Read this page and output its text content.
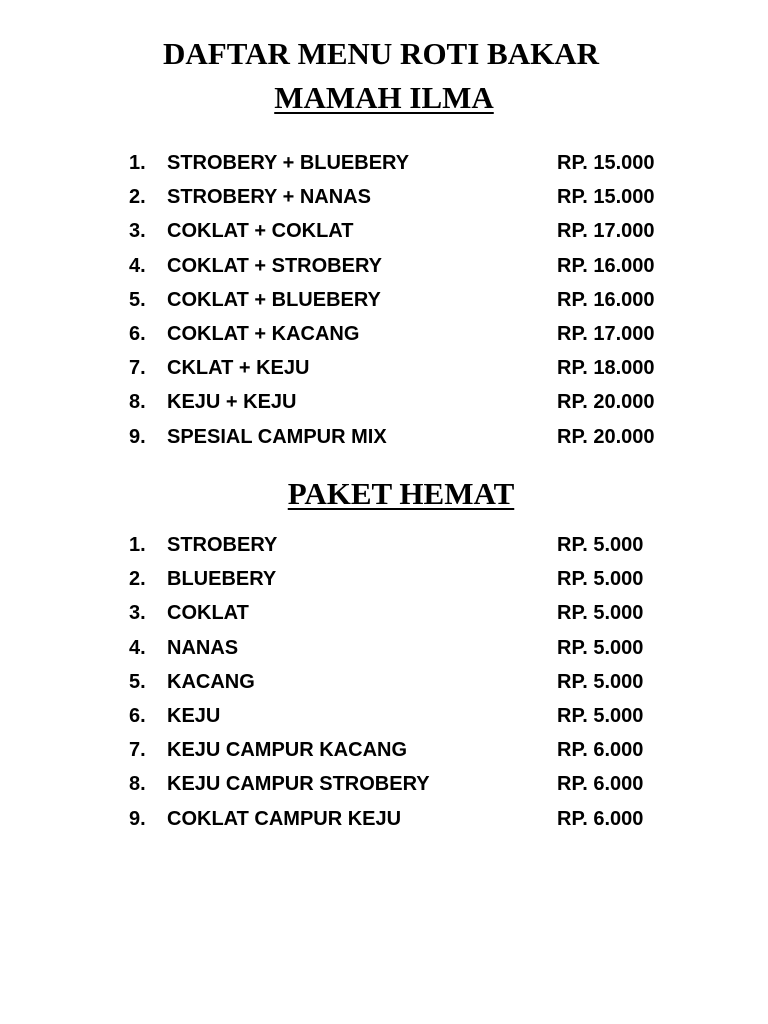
DAFTAR MENU ROTI BAKAR
MAMAH ILMA
1.	STROBERY + BLUEBERY	RP. 15.000
2.	STROBERY + NANAS	RP. 15.000
3.	COKLAT + COKLAT	RP. 17.000
4.	COKLAT + STROBERY	RP. 16.000
5.	COKLAT + BLUEBERY	RP. 16.000
6.	COKLAT + KACANG	RP. 17.000
7.	CKLAT + KEJU	RP. 18.000
8.	KEJU + KEJU	RP. 20.000
9.	SPESIAL CAMPUR MIX	RP. 20.000
PAKET HEMAT
1.	STROBERY	RP. 5.000
2.	BLUEBERY	RP. 5.000
3.	COKLAT	RP. 5.000
4.	NANAS	RP. 5.000
5.	KACANG	RP. 5.000
6.	KEJU	RP. 5.000
7.	KEJU CAMPUR KACANG	RP. 6.000
8.	KEJU CAMPUR STROBERY	RP. 6.000
9.	COKLAT CAMPUR KEJU	RP. 6.000
